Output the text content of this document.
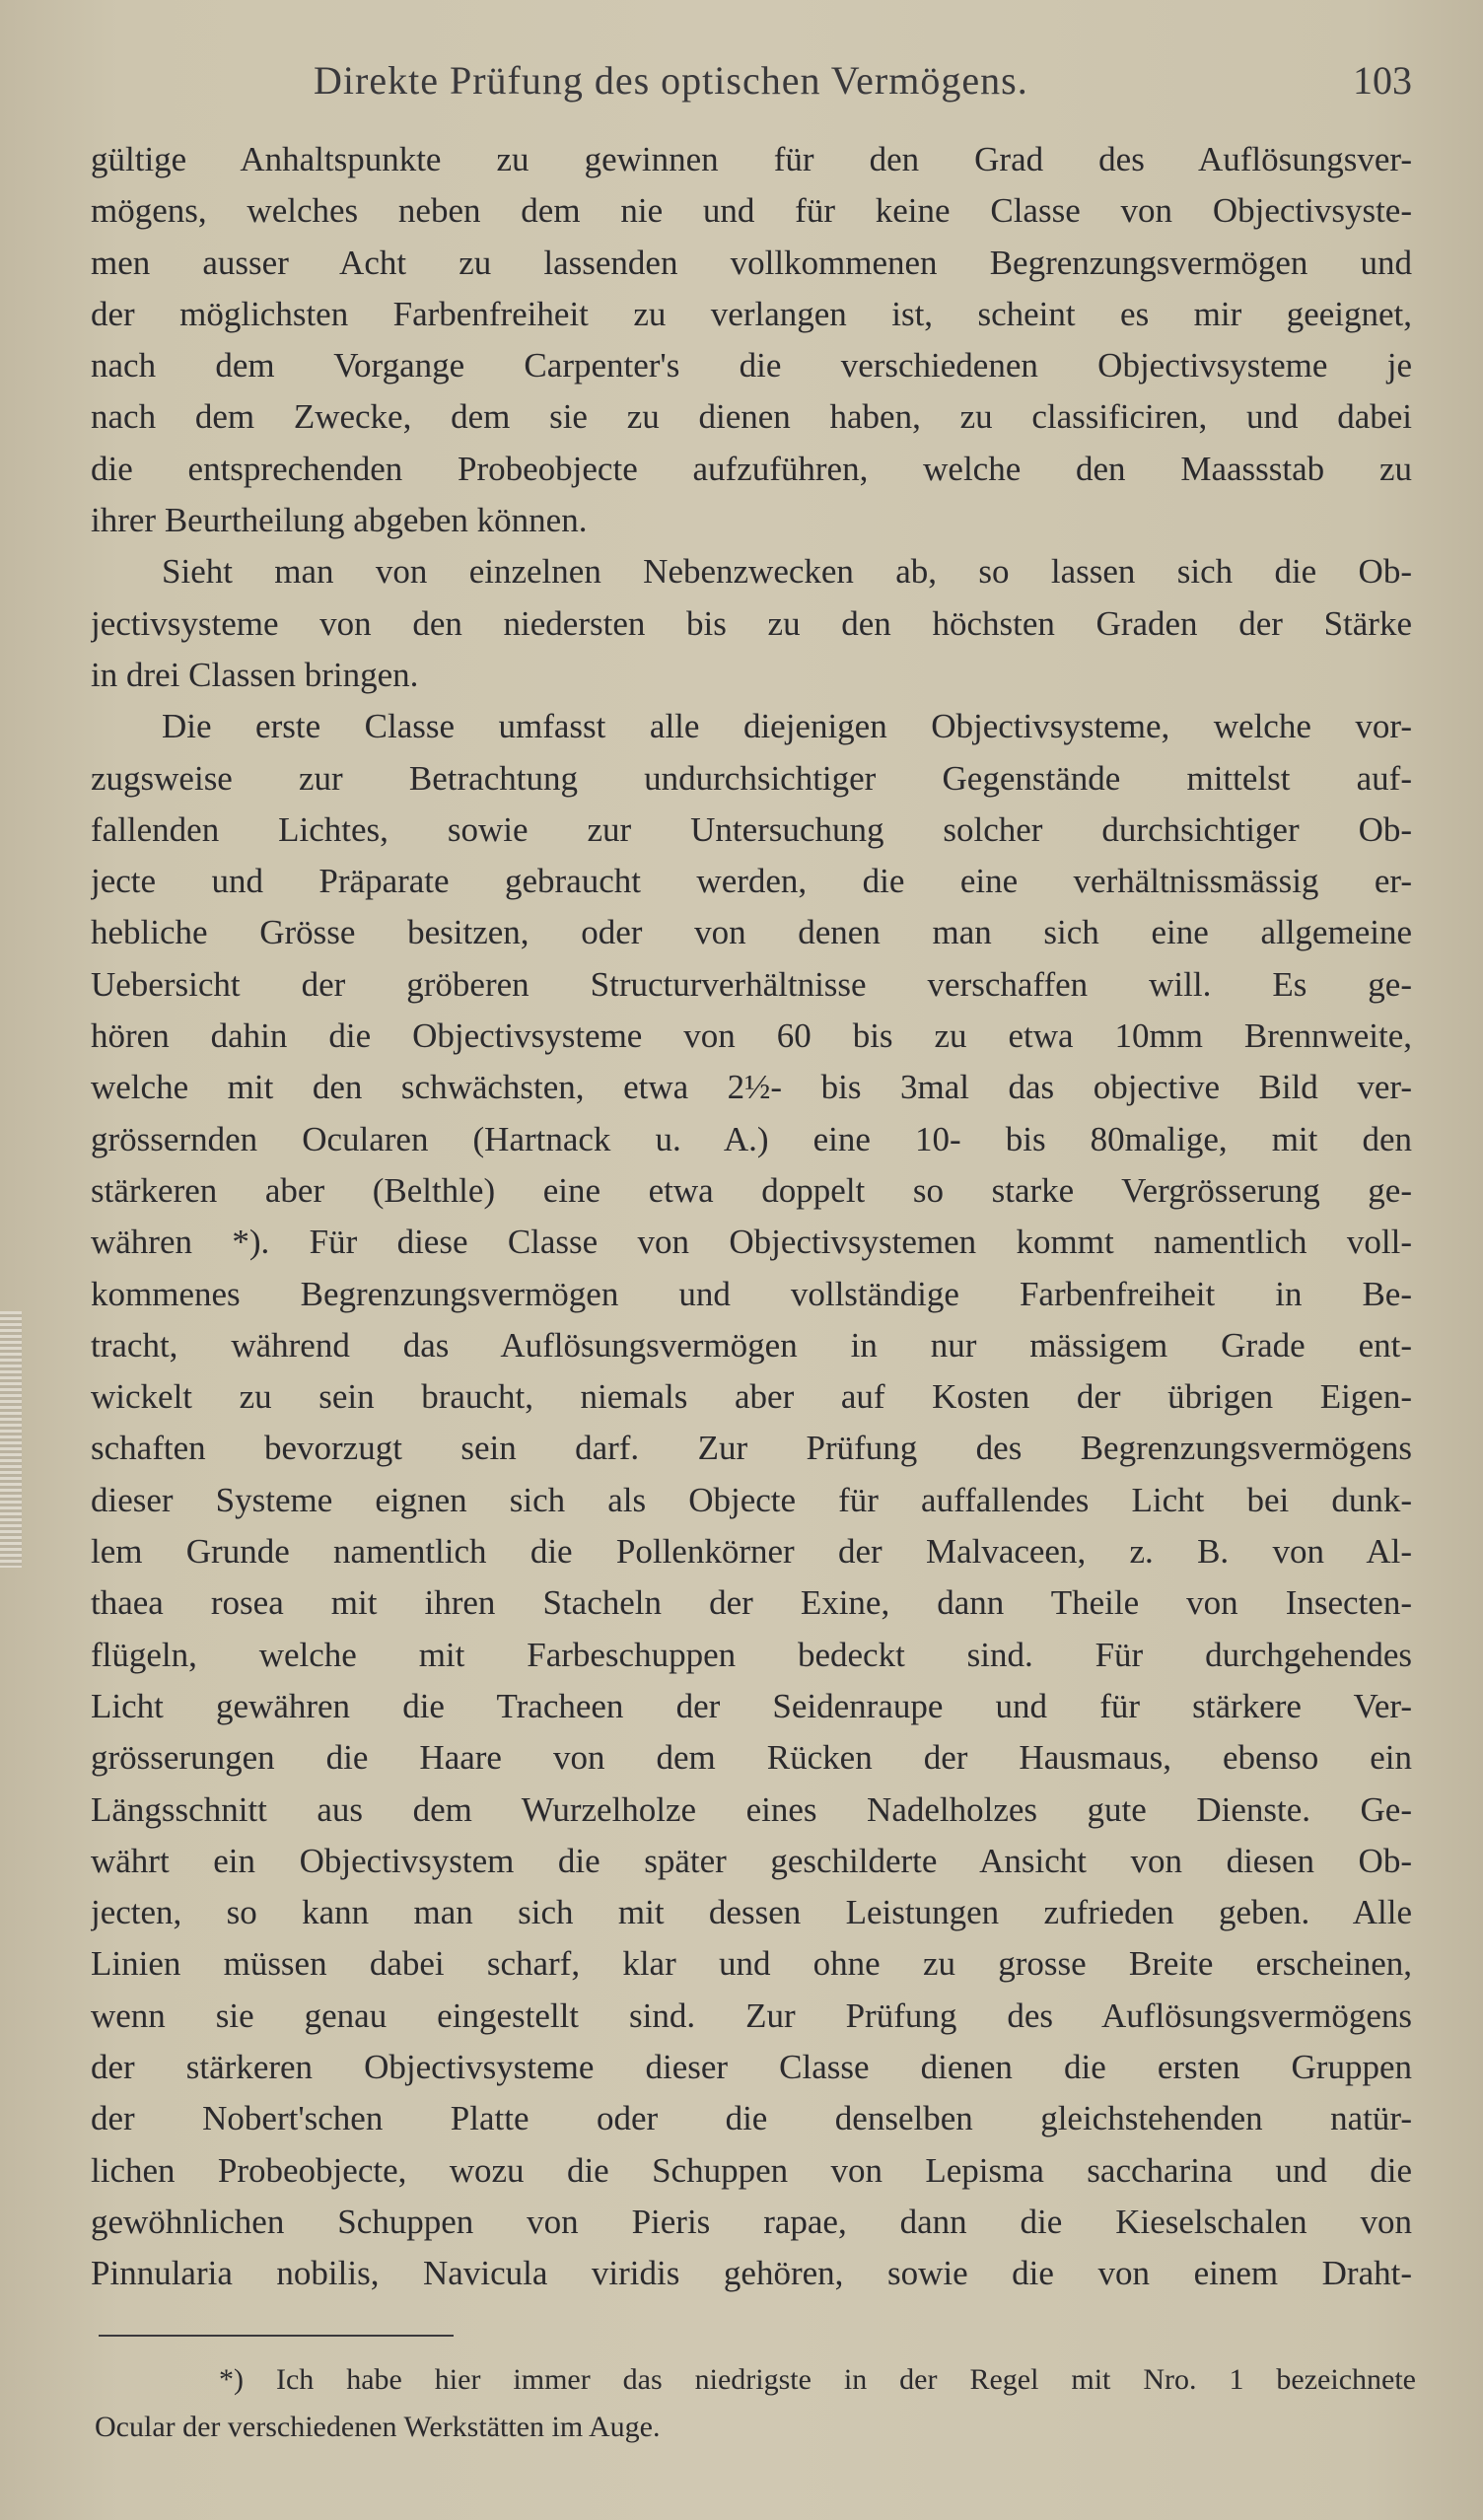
Direkte Prüfung des optischen Vermögens.	103
gültige Anhaltspunkte zu gewinnen für den Grad des Auflösungsver-
mögens, welches neben dem nie und für keine Classe von Objectivsyste-
men ausser Acht zu lassenden vollkommenen Begrenzungsvermögen und
der möglichsten Farbenfreiheit zu verlangen ist, scheint es mir geeignet,
nach dem Vorgange Carpenter's die verschiedenen Objectivsysteme je
nach dem Zwecke, dem sie zu dienen haben, zu classificiren, und dabei
die entsprechenden Probeobjecte aufzuführen, welche den Maassstab zu
ihrer Beurtheilung abgeben können.
Sieht man von einzelnen Nebenzwecken ab, so lassen sich die Ob-
jectivsysteme von den niedersten bis zu den höchsten Graden der Stärke
in drei Classen bringen.
Die erste Classe umfasst alle diejenigen Objectivsysteme, welche vor-
zugsweise zur Betrachtung undurchsichtiger Gegenstände mittelst auf-
fallenden Lichtes, sowie zur Untersuchung solcher durchsichtiger Ob-
jecte und Präparate gebraucht werden, die eine verhältnissmässig er-
hebliche Grösse besitzen, oder von denen man sich eine allgemeine
Uebersicht der gröberen Structurverhältnisse verschaffen will. Es ge-
hören dahin die Objectivsysteme von 60 bis zu etwa 10mm Brennweite,
welche mit den schwächsten, etwa 2½- bis 3mal das objective Bild ver-
grössernden Ocularen (Hartnack u. A.) eine 10- bis 80malige, mit den
stärkeren aber (Belthle) eine etwa doppelt so starke Vergrösserung ge-
währen *). Für diese Classe von Objectivsystemen kommt namentlich voll-
kommenes Begrenzungsvermögen und vollständige Farbenfreiheit in Be-
tracht, während das Auflösungsvermögen in nur mässigem Grade ent-
wickelt zu sein braucht, niemals aber auf Kosten der übrigen Eigen-
schaften bevorzugt sein darf. Zur Prüfung des Begrenzungsvermögens
dieser Systeme eignen sich als Objecte für auffallendes Licht bei dunk-
lem Grunde namentlich die Pollenkörner der Malvaceen, z. B. von Al-
thaea rosea mit ihren Stacheln der Exine, dann Theile von Insecten-
flügeln, welche mit Farbeschuppen bedeckt sind. Für durchgehendes
Licht gewähren die Tracheen der Seidenraupe und für stärkere Ver-
grösserungen die Haare von dem Rücken der Hausmaus, ebenso ein
Längsschnitt aus dem Wurzelholze eines Nadelholzes gute Dienste. Ge-
währt ein Objectivsystem die später geschilderte Ansicht von diesen Ob-
jecten, so kann man sich mit dessen Leistungen zufrieden geben. Alle
Linien müssen dabei scharf, klar und ohne zu grosse Breite erscheinen,
wenn sie genau eingestellt sind. Zur Prüfung des Auflösungsvermögens
der stärkeren Objectivsysteme dieser Classe dienen die ersten Gruppen
der Nobert'schen Platte oder die denselben gleichstehenden natür-
lichen Probeobjecte, wozu die Schuppen von Lepisma saccharina und die
gewöhnlichen Schuppen von Pieris rapae, dann die Kieselschalen von
Pinnularia nobilis, Navicula viridis gehören, sowie die von einem Draht-
*) Ich habe hier immer das niedrigste in der Regel mit Nro. 1 bezeichnete
Ocular der verschiedenen Werkstätten im Auge.
